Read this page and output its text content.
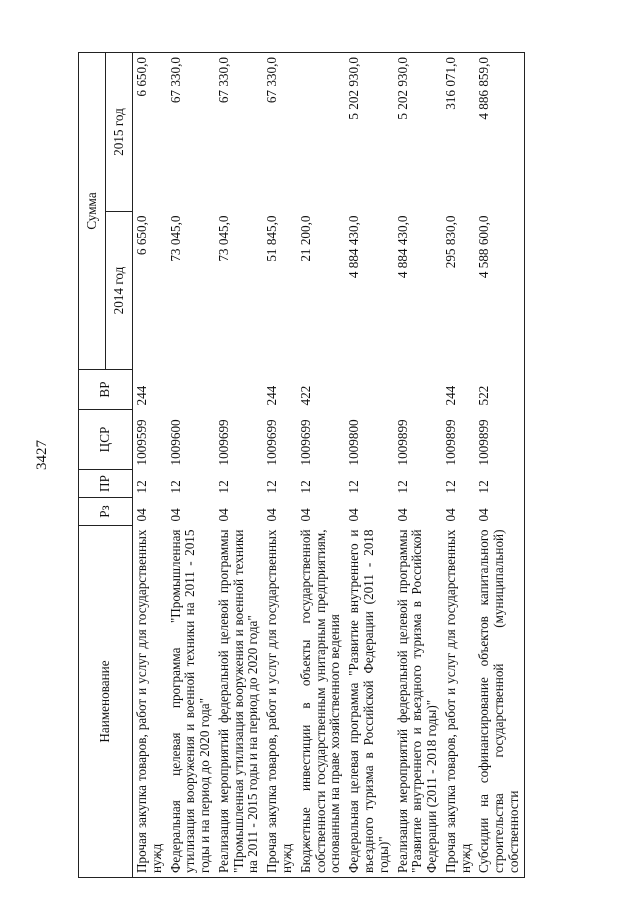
3427
Наименование	Рз	ПР	ЦСР	ВР	Сумма	
					2014 год	2015 год
Прочая закупка товаров, работ и услуг для государственных нужд	04	12	1009599	244	6 650,0	6 650,0
Федеральная целевая программа "Промышленная утилизация вооружения и военной техники на 2011 - 2015 годы и на период до 2020 года"	04	12	1009600		73 045,0	67 330,0
Реализация мероприятий федеральной целевой программы "Промышленная утилизация вооружения и военной техники на 2011 - 2015 годы и на период до 2020 года"	04	12	1009699		73 045,0	67 330,0
Прочая закупка товаров, работ и услуг для государственных нужд	04	12	1009699	244	51 845,0	67 330,0
Бюджетные инвестиции в объекты государственной собственности государственным унитарным предприятиям, основанным на праве хозяйственного ведения	04	12	1009699	422	21 200,0	
Федеральная целевая программа "Развитие внутреннего и въездного туризма в Российской Федерации (2011 - 2018 годы)"	04	12	1009800		4 884 430,0	5 202 930,0
Реализация мероприятий федеральной целевой программы "Развитие внутреннего и въездного туризма в Российской Федерации (2011 - 2018 годы)"	04	12	1009899		4 884 430,0	5 202 930,0
Прочая закупка товаров, работ и услуг для государственных нужд	04	12	1009899	244	295 830,0	316 071,0
Субсидии на софинансирование объектов капитального строительства государственной (муниципальной) собственности	04	12	1009899	522	4 588 600,0	4 886 859,0
